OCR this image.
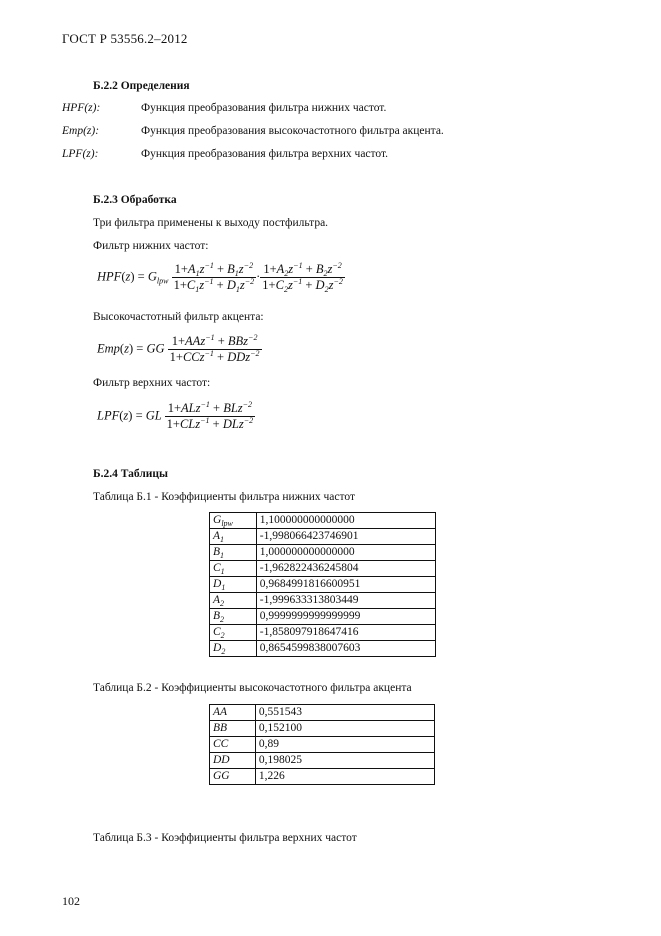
ГОСТ Р 53556.2–2012
Б.2.2 Определения
HPF(z):	Функция преобразования фильтра нижних частот.
Emp(z):	Функция преобразования высокочастотного фильтра акцента.
LPF(z):	Функция преобразования фильтра верхних частот.
Б.2.3 Обработка
Три фильтра применены к выходу постфильтра.
Фильтр нижних частот:
$HPF(z) = G_{lpw} \frac{1+A_1z^{-1} + B_1z^{-2}}{1+C_1z^{-1} + D_1z^{-2}} \cdot \frac{1+A_2z^{-1} + B_2z^{-2}}{1+C_2z^{-1} + D_2z^{-2}}$
Высокочастотный фильтр акцента:
Emp(z) = GG $\frac{1+AAz^{-1} + BBz^{-2}}{1+CCz^{-1} + DDz^{-2}}$
Фильтр верхних частот:
LPF(z) = GL $\frac{1+ALz^{-1} + BLz^{-2}}{1+CLz^{-1} + DLz^{-2}}$
Б.2.4 Таблицы
Таблица Б.1 - Коэффициенты фильтра нижних частот
$G_{lpw}$	1,100000000000000
$A_1$	-1,998066423746901
$B_1$	1,000000000000000
$C_1$	-1,962822436245804
$D_1$	0,9684991816600951
$A_2$	-1,999633313803449
$B_2$	0,9999999999999999
$C_2$	-1,858097918647416
$D_2$	0,8654599838007603
Таблица Б.2 - Коэффициенты высокочастотного фильтра акцента
AA	0,551543
BB	0,152100
CC	0,89
DD	0,198025
GG	1,226
Таблица Б.3 - Коэффициенты фильтра верхних частот
102
